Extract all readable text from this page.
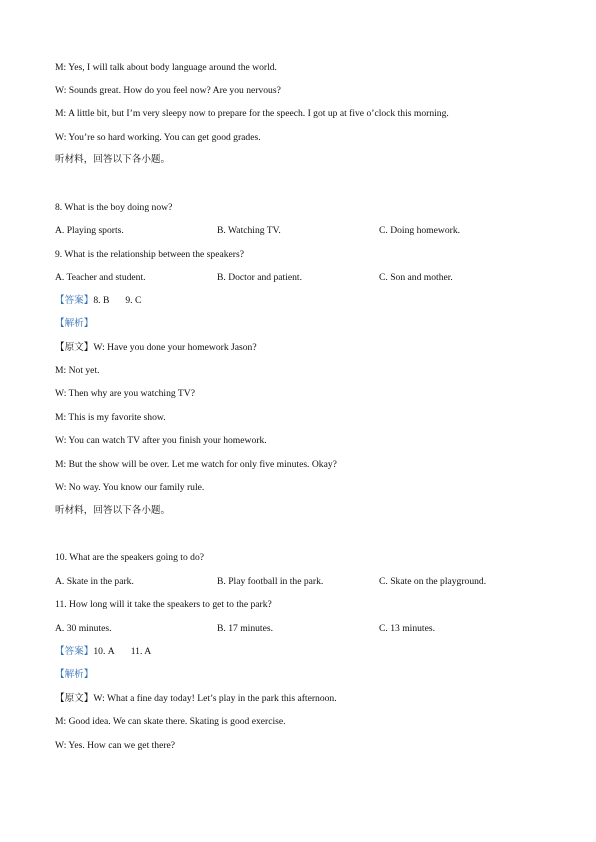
M: Yes, I will talk about body language around the world.
W: Sounds great. How do you feel now? Are you nervous?
M: A little bit, but I’m very sleepy now to prepare for the speech. I got up at five o’clock this morning.
W: You’re so hard working. You can get good grades.
听材料，回答以下各小题。
8. What is the boy doing now?
A. Playing sports.	B. Watching TV.	C. Doing homework.
9. What is the relationship between the speakers?
A. Teacher and student.	B. Doctor and patient.	C. Son and mother.
【答案】8. B 9. C
【解析】
【原文】W: Have you done your homework Jason?
M: Not yet.
W: Then why are you watching TV?
M: This is my favorite show.
W: You can watch TV after you finish your homework.
M: But the show will be over. Let me watch for only five minutes. Okay?
W: No way. You know our family rule.
听材料，回答以下各小题。
10. What are the speakers going to do?
A. Skate in the park.	B. Play football in the park.	C. Skate on the playground.
11. How long will it take the speakers to get to the park?
A. 30 minutes.	B. 17 minutes.	C. 13 minutes.
【答案】10. A 11. A
【解析】
【原文】W: What a fine day today! Let’s play in the park this afternoon.
M: Good idea. We can skate there. Skating is good exercise.
W: Yes. How can we get there?
